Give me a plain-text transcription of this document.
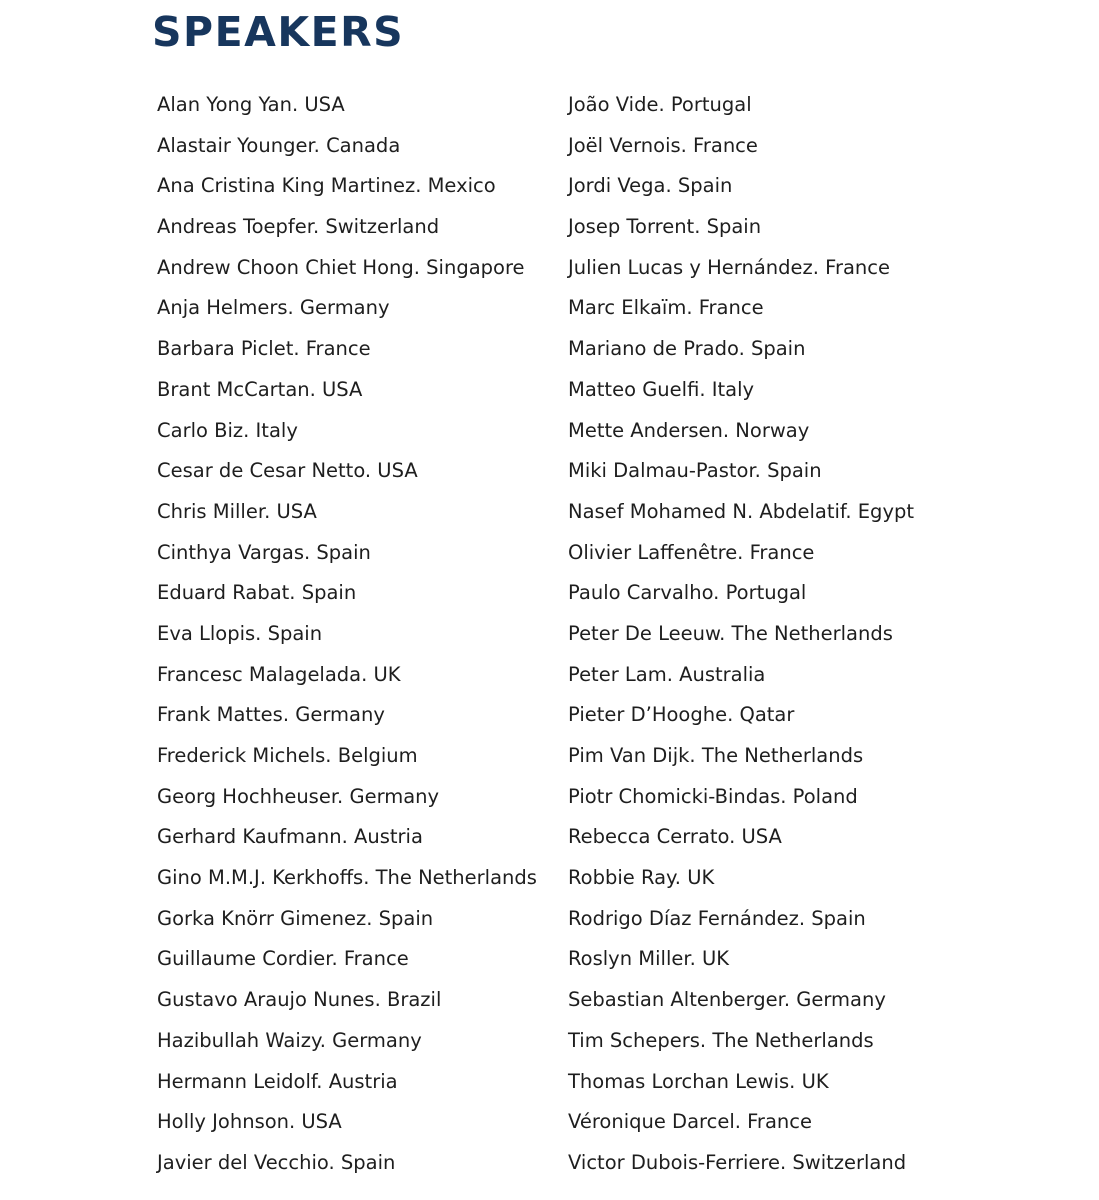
SPEAKERS
Alan Yong Yan. USA
Alastair Younger. Canada
Ana Cristina King Martinez. Mexico
Andreas Toepfer. Switzerland
Andrew Choon Chiet Hong. Singapore
Anja Helmers. Germany
Barbara Piclet. France
Brant McCartan. USA
Carlo Biz. Italy
Cesar de Cesar Netto. USA
Chris Miller. USA
Cinthya Vargas. Spain
Eduard Rabat. Spain
Eva Llopis. Spain
Francesc Malagelada. UK
Frank Mattes. Germany
Frederick Michels. Belgium
Georg Hochheuser. Germany
Gerhard Kaufmann. Austria
Gino M.M.J. Kerkhoffs. The Netherlands
Gorka Knörr Gimenez. Spain
Guillaume Cordier. France
Gustavo Araujo Nunes. Brazil
Hazibullah Waizy. Germany
Hermann Leidolf. Austria
Holly Johnson. USA
Javier del Vecchio. Spain
João Vide. Portugal
Joël Vernois. France
Jordi Vega. Spain
Josep Torrent. Spain
Julien Lucas y Hernández. France
Marc Elkaïm. France
Mariano de Prado. Spain
Matteo Guelfi. Italy
Mette Andersen. Norway
Miki Dalmau-Pastor. Spain
Nasef Mohamed N. Abdelatif. Egypt
Olivier Laffenêtre. France
Paulo Carvalho. Portugal
Peter De Leeuw. The Netherlands
Peter Lam. Australia
Pieter D’Hooghe. Qatar
Pim Van Dijk. The Netherlands
Piotr Chomicki-Bindas. Poland
Rebecca Cerrato. USA
Robbie Ray. UK
Rodrigo Díaz Fernández. Spain
Roslyn Miller. UK
Sebastian Altenberger. Germany
Tim Schepers. The Netherlands
Thomas Lorchan Lewis. UK
Véronique Darcel. France
Victor Dubois-Ferriere. Switzerland
